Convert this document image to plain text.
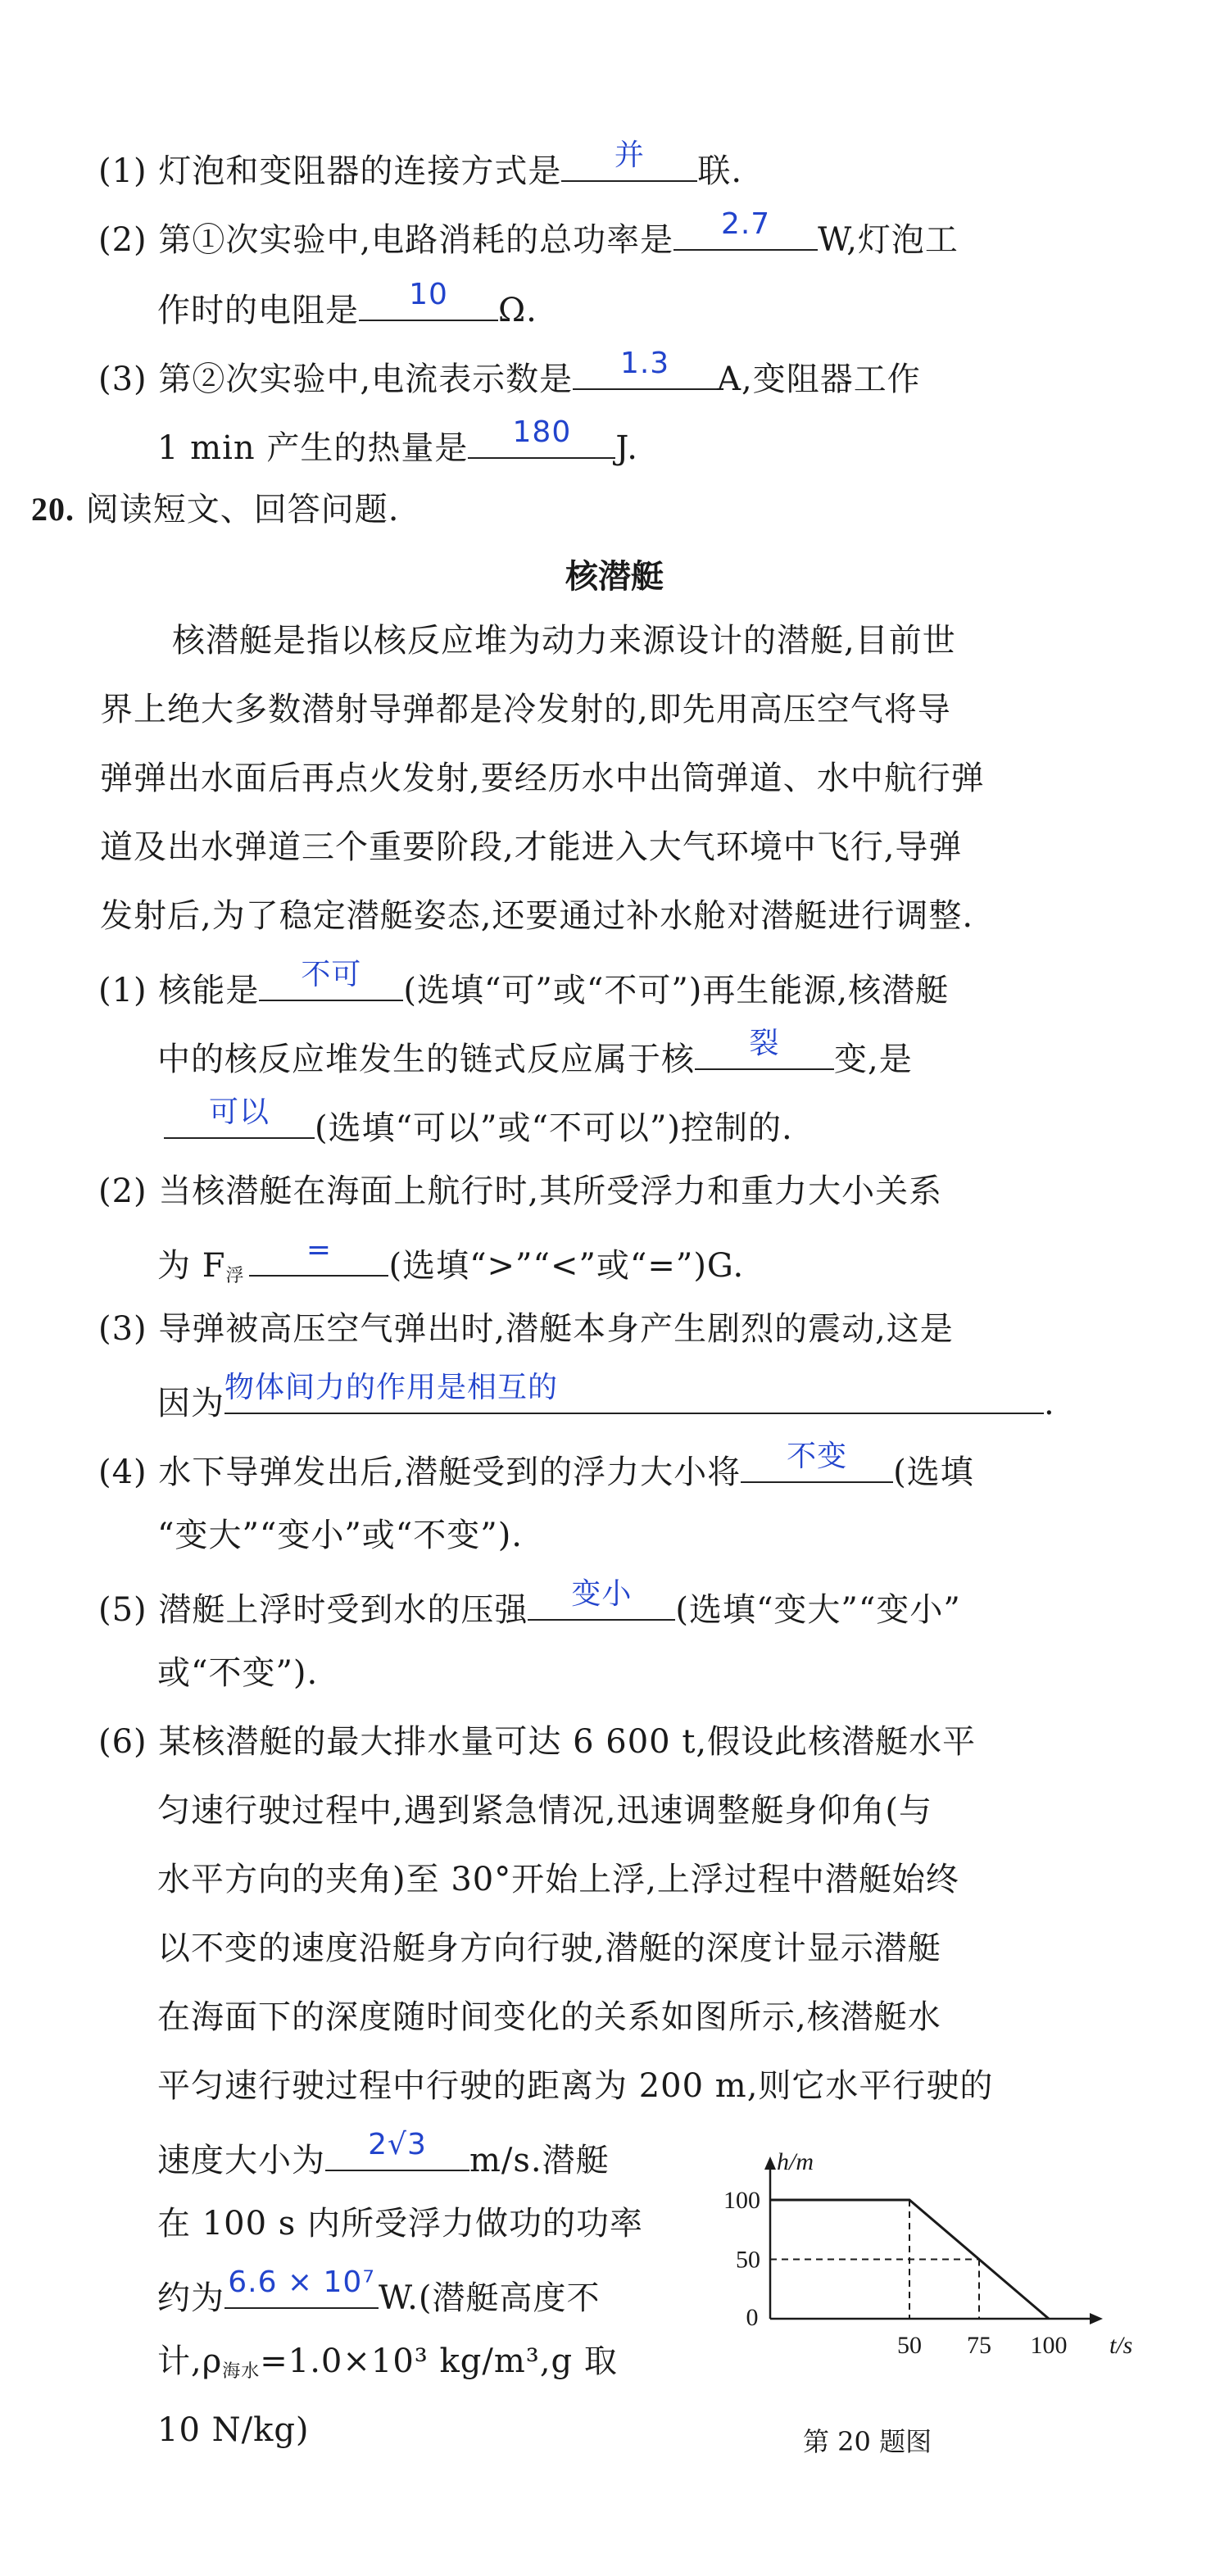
(1) 灯泡和变阻器的连接方式是	并	联.
(2) 第①次实验中,电路消耗的总功率是	2.7	W,灯泡工
作时的电阻是	10	Ω.
(3) 第②次实验中,电流表示数是	1.3	A,变阻器工作
1 min 产生的热量是	180	J.
20. 阅读短文、回答问题.
核潜艇
核潜艇是指以核反应堆为动力来源设计的潜艇,目前世
界上绝大多数潜射导弹都是冷发射的,即先用高压空气将导
弹弹出水面后再点火发射,要经历水中出筒弹道、水中航行弹
道及出水弹道三个重要阶段,才能进入大气环境中飞行,导弹
发射后,为了稳定潜艇姿态,还要通过补水舱对潜艇进行调整.
(1) 核能是	不可	(选填“可”或“不可”)再生能源,核潜艇
中的核反应堆发生的链式反应属于核	裂	变,是
可以	(选填“可以”或“不可以”)控制的.
(2) 当核潜艇在海面上航行时,其所受浮力和重力大小关系
为 $F_浮$
=	(选填“>”“<”或“=”)G.
(3) 导弹被高压空气弹出时,潜艇本身产生剧烈的震动,这是
因为 物体间力的作用是相互的	.
(4) 水下导弹发出后,潜艇受到的浮力大小将	不变	(选填
“变大”“变小”或“不变”).
(5) 潜艇上浮时受到水的压强	变小	(选填“变大”“变小”
或“不变”).
(6) 某核潜艇的最大排水量可达 6 600 t,假设此核潜艇水平
匀速行驶过程中,遇到紧急情况,迅速调整艇身仰角(与
水平方向的夹角)至 30°开始上浮,上浮过程中潜艇始终
以不变的速度沿艇身方向行驶,潜艇的深度计显示潜艇
在海面下的深度随时间变化的关系如图所示,核潜艇水
平匀速行驶过程中行驶的距离为 200 m,则它水平行驶的
速度大小为	2√3	m/s.潜艇
在 100 s 内所受浮力做功的功率
约为 6.6 × 10⁷ W.(潜艇高度不
计$,\rho_{海水}=1.0\times 10^3$ kg/m³,g 取
10 N/kg)
h/m
t/s
0
50 75 100
100
50
第 20 题图
